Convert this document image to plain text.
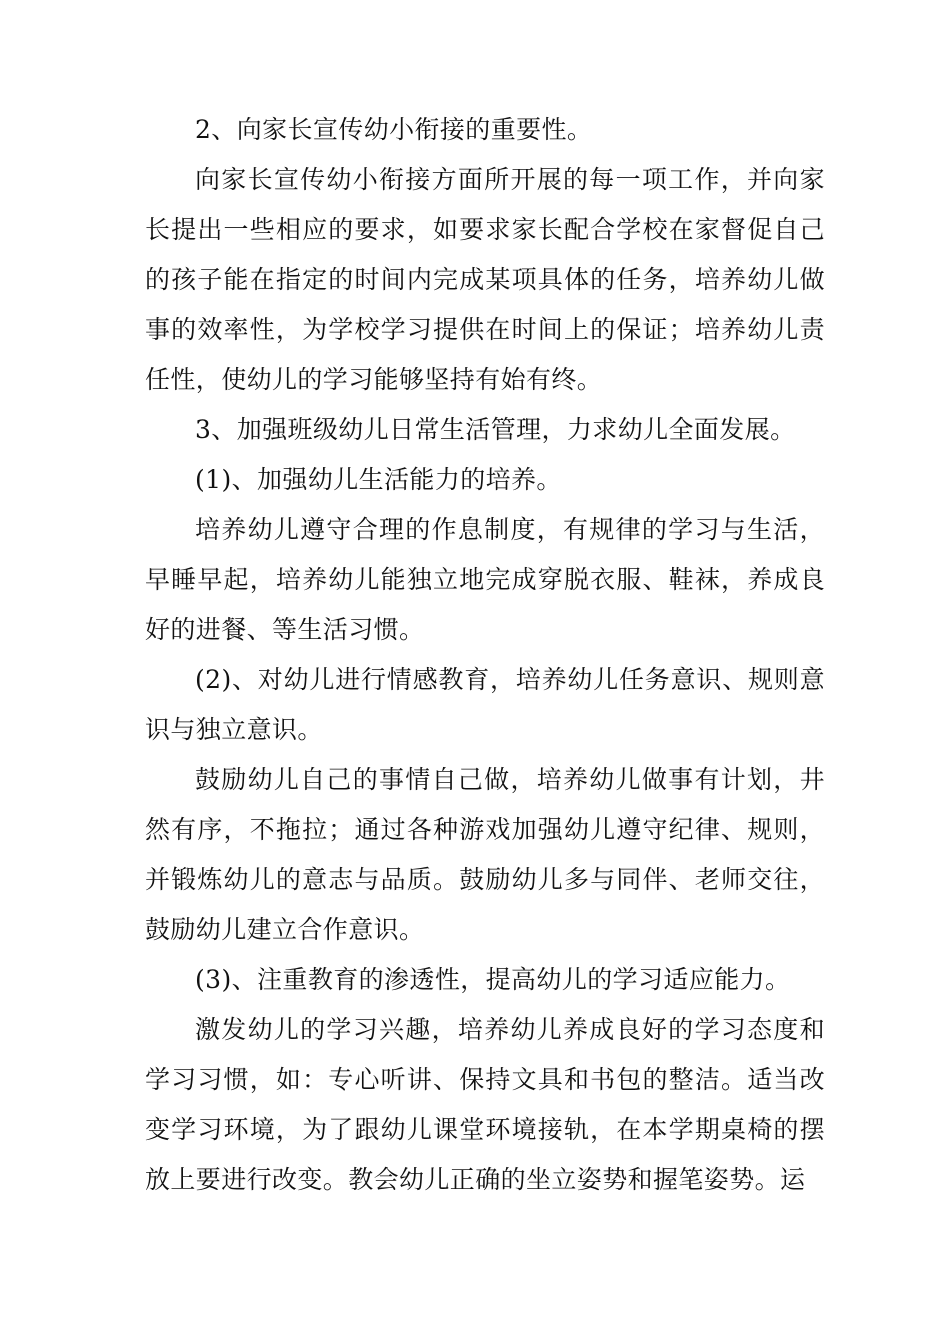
2、向家长宣传幼小衔接的重要性。

向家长宣传幼小衔接方面所开展的每一项工作，并向家长提出一些相应的要求，如要求家长配合学校在家督促自己的孩子能在指定的时间内完成某项具体的任务，培养幼儿做事的效率性，为学校学习提供在时间上的保证；培养幼儿责任性，使幼儿的学习能够坚持有始有终。

3、加强班级幼儿日常生活管理，力求幼儿全面发展。

(1)、加强幼儿生活能力的培养。

培养幼儿遵守合理的作息制度，有规律的学习与生活，早睡早起，培养幼儿能独立地完成穿脱衣服、鞋袜，养成良好的进餐、等生活习惯。

(2)、对幼儿进行情感教育，培养幼儿任务意识、规则意识与独立意识。

鼓励幼儿自己的事情自己做，培养幼儿做事有计划，井然有序，不拖拉；通过各种游戏加强幼儿遵守纪律、规则，并锻炼幼儿的意志与品质。鼓励幼儿多与同伴、老师交往，鼓励幼儿建立合作意识。

(3)、注重教育的渗透性，提高幼儿的学习适应能力。

激发幼儿的学习兴趣，培养幼儿养成良好的学习态度和学习习惯，如：专心听讲、保持文具和书包的整洁。适当改变学习环境，为了跟幼儿课堂环境接轨，在本学期桌椅的摆放上要进行改变。教会幼儿正确的坐立姿势和握笔姿势。运
